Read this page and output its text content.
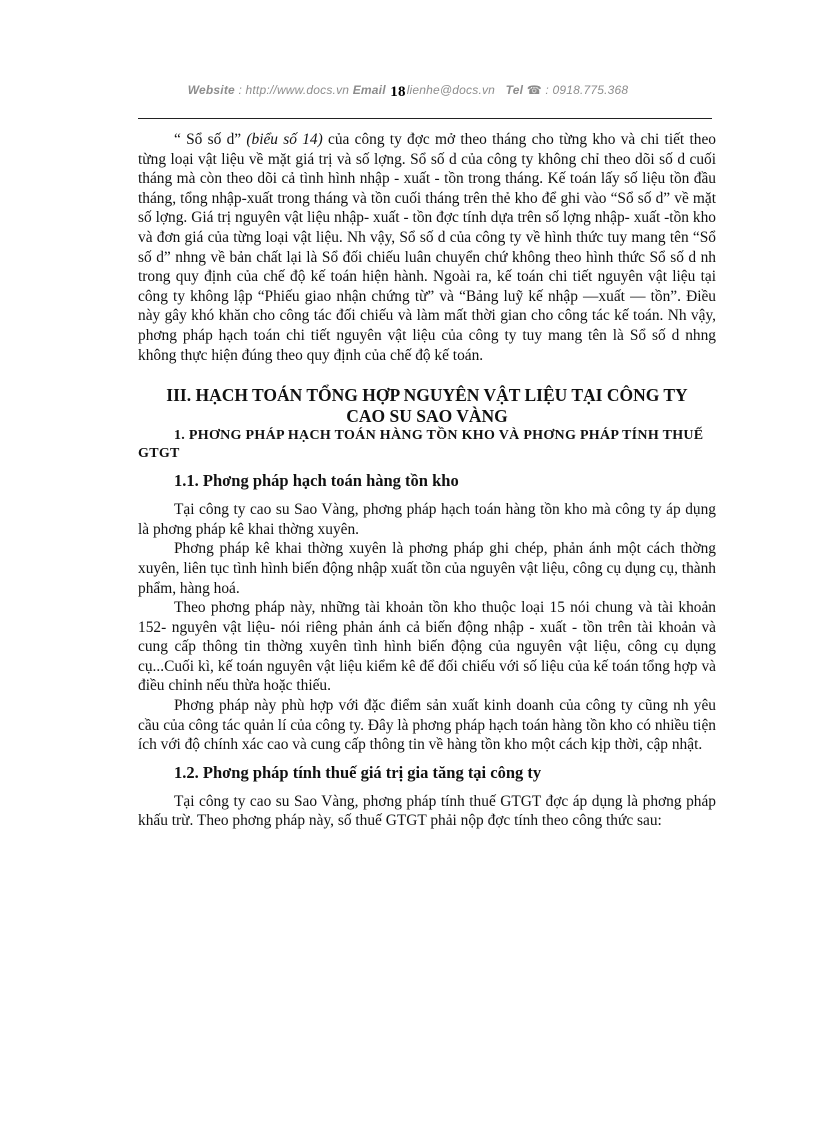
Website : http://www.docs.vn Email 18lienhe@docs.vn Tel ☎ : 0918.775.368

“ Sổ số d” (biểu số 14) của công ty đợc mở theo tháng cho từng kho và chi tiết theo từng loại vật liệu về mặt giá trị và số lợng. Sổ số d của công ty không chỉ theo dõi số d cuối tháng mà còn theo dõi cả tình hình nhập - xuất - tồn trong tháng. Kế toán lấy số liệu tồn đầu tháng, tổng nhập-xuất trong tháng và tồn cuối tháng trên thẻ kho để ghi vào “Sổ số d” về mặt số lợng. Giá trị nguyên vật liệu nhập- xuất - tồn đợc tính dựa trên số lợng nhập- xuất -tồn kho và đơn giá của từng loại vật liệu. Nh vậy, Sổ số d của công ty về hình thức tuy mang tên “Sổ số d” nhng về bản chất lại là Sổ đối chiếu luân chuyển chứ không theo hình thức Sổ số d nh trong quy định của chế độ kế toán hiện hành. Ngoài ra, kế toán chi tiết nguyên vật liệu tại công ty không lập “Phiếu giao nhận chứng từ” và “Bảng luỹ kế nhập —xuất — tồn”. Điều này gây khó khăn cho công tác đối chiếu và làm mất thời gian cho công tác kế toán. Nh vậy, phơng pháp hạch toán chi tiết nguyên vật liệu của công ty tuy mang tên là Sổ số d nhng không thực hiện đúng theo quy định của chế độ kế toán.

III. HẠCH TOÁN TỔNG HỢP NGUYÊN VẬT LIỆU TẠI CÔNG TY CAO SU SAO VÀNG

1. PHƠNG PHÁP HẠCH TOÁN HÀNG TỒN KHO VÀ PHƠNG PHÁP TÍNH THUẾ GTGT

1.1. Phơng pháp hạch toán hàng tồn kho

Tại công ty cao su Sao Vàng, phơng pháp hạch toán hàng tồn kho mà công ty áp dụng là phơng pháp kê khai thờng xuyên.

Phơng pháp kê khai thờng xuyên là phơng pháp ghi chép, phản ánh một cách thờng xuyên, liên tục tình hình biến động nhập xuất tồn của nguyên vật liệu, công cụ dụng cụ, thành phẩm, hàng hoá.

Theo phơng pháp này, những tài khoản tồn kho thuộc loại 15 nói chung và tài khoản 152- nguyên vật liệu- nói riêng phản ánh cả biến động nhập - xuất - tồn trên tài khoản và cung cấp thông tin thờng xuyên tình hình biến động của nguyên vật liệu, công cụ dụng cụ...Cuối kì, kế toán nguyên vật liệu kiểm kê để đối chiếu với số liệu của kế toán tổng hợp và điều chỉnh nếu thừa hoặc thiếu.

Phơng pháp này phù hợp với đặc điểm sản xuất kinh doanh của công ty cũng nh yêu cầu của công tác quản lí của công ty. Đây là phơng pháp hạch toán hàng tồn kho có nhiều tiện ích với độ chính xác cao và cung cấp thông tin về hàng tồn kho một cách kịp thời, cập nhật.

1.2. Phơng pháp tính thuế giá trị gia tăng tại công ty

Tại công ty cao su Sao Vàng, phơng pháp tính thuế GTGT đợc áp dụng là phơng pháp khấu trừ. Theo phơng pháp này, số thuế GTGT phải nộp đợc tính theo công thức sau:
